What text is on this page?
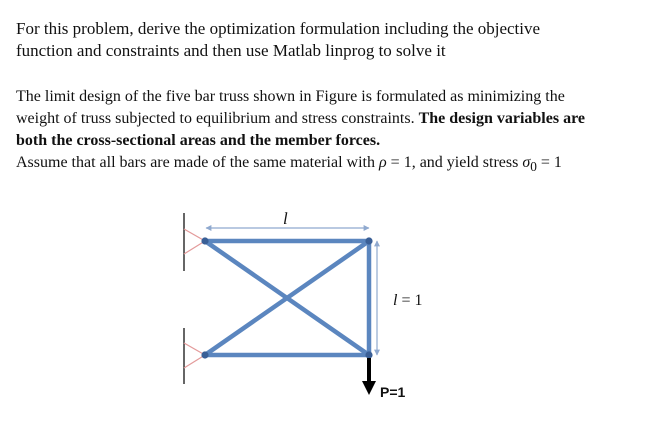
For this problem, derive the optimization formulation including the objective
function and constraints and then use Matlab linprog to solve it
The limit design of the five bar truss shown in Figure is formulated as minimizing the
weight of truss subjected to equilibrium and stress constraints. The design variables are
both the cross-sectional areas and the member forces.
Assume that all bars are made of the same material with ρ = 1, and yield stress $\sigma_0 = 1$
l
l = 1
P=1
